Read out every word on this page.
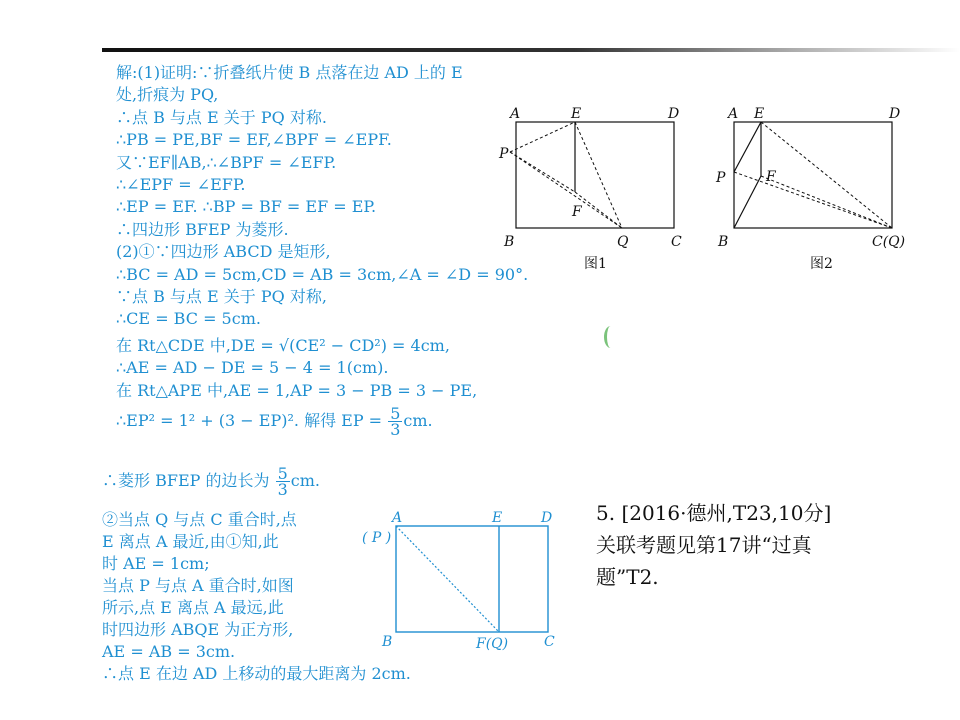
解:(1)证明:∵折叠纸片使 B 点落在边 AD 上的 E
处,折痕为 PQ,
∴点 B 与点 E 关于 PQ 对称.
∴PB = PE,BF = EF,∠BPF = ∠EPF.
又∵EF∥AB,∴∠BPF = ∠EFP.
∴∠EPF = ∠EFP.
∴EP = EF. ∴BP = BF = EF = EP.
∴四边形 BFEP 为菱形.
(2)①∵四边形 ABCD 是矩形,
∴BC = AD = 5cm,CD = AB = 3cm,∠A = ∠D = 90°.
∵点 B 与点 E 关于 PQ 对称,
∴CE = BC = 5cm.
在 Rt△CDE 中,DE = √(CE² − CD²) = 4cm,
∴AE = AD − DE = 5 − 4 = 1(cm).
在 Rt△APE 中,AE = 1,AP = 3 − PB = 3 − PE,
∴EP² = 1² + (3 − EP)². 解得 EP = $\frac{5}{3}$ cm.
∴菱形 BFEP 的边长为 $\frac{5}{3}$ cm.
②当点 Q 与点 C 重合时,点
E 离点 A 最近,由①知,此
时 AE = 1cm;
当点 P 与点 A 重合时,如图
所示,点 E 离点 A 最远,此
时四边形 ABQE 为正方形,
AE = AB = 3cm.
∴点 E 在边 AD 上移动的最大距离为 2cm.
A	E	D
P
F
B	Q	C
图1
A E	D
P	F
B	C(Q)
图2
A
( P )
E	D
B	F(Q)	C
5. [2016·德州,T23,10分]
关联考题见第17讲“过真
题”T2.
